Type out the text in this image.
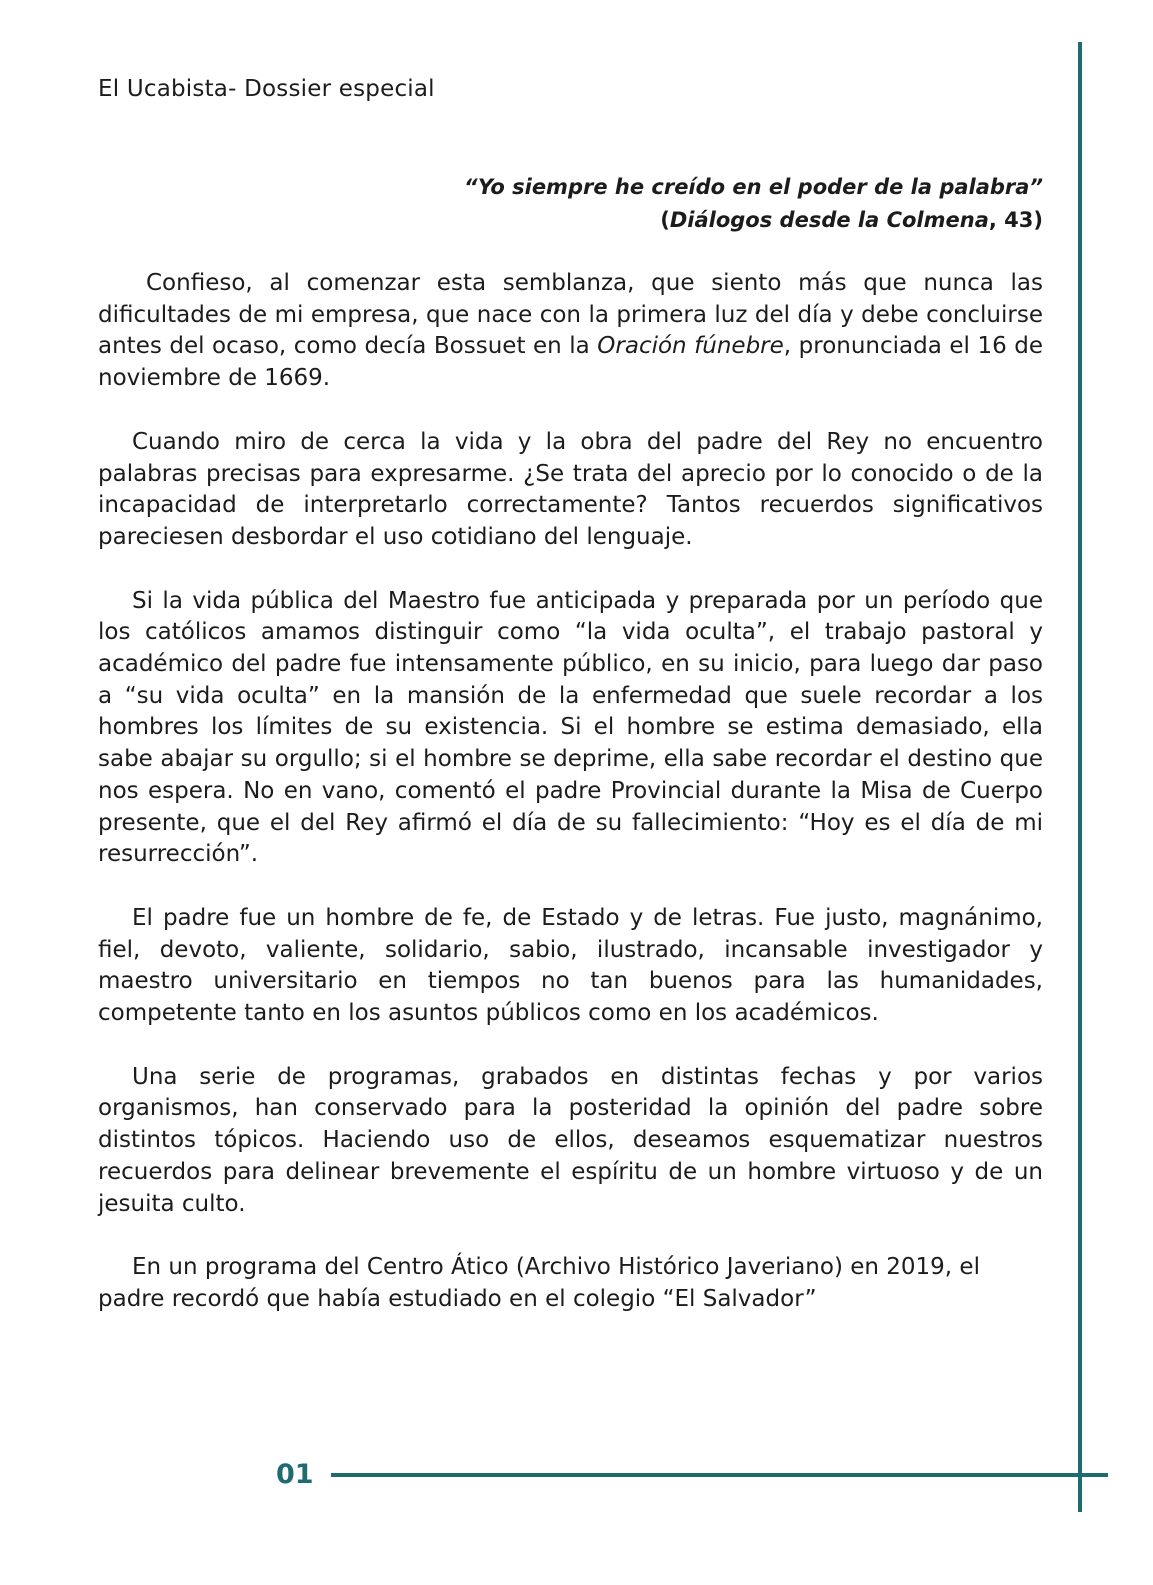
El Ucabista- Dossier especial
“Yo siempre he creído en el poder de la palabra”
(Diálogos desde la Colmena, 43)

Confieso, al comenzar esta semblanza, que siento más que nunca las dificultades de mi empresa, que nace con la primera luz del día y debe concluirse antes del ocaso, como decía Bossuet en la Oración fúnebre, pronunciada el 16 de noviembre de 1669.

Cuando miro de cerca la vida y la obra del padre del Rey no encuentro palabras precisas para expresarme. ¿Se trata del aprecio por lo conocido o de la incapacidad de interpretarlo correctamente? Tantos recuerdos significativos pareciesen desbordar el uso cotidiano del lenguaje.

Si la vida pública del Maestro fue anticipada y preparada por un período que los católicos amamos distinguir como “la vida oculta”, el trabajo pastoral y académico del padre fue intensamente público, en su inicio, para luego dar paso a “su vida oculta” en la mansión de la enfermedad que suele recordar a los hombres los límites de su existencia. Si el hombre se estima demasiado, ella sabe abajar su orgullo; si el hombre se deprime, ella sabe recordar el destino que nos espera. No en vano, comentó el padre Provincial durante la Misa de Cuerpo presente, que el del Rey afirmó el día de su fallecimiento: “Hoy es el día de mi resurrección”.

El padre fue un hombre de fe, de Estado y de letras. Fue justo, magnánimo, fiel, devoto, valiente, solidario, sabio, ilustrado, incansable investigador y maestro universitario en tiempos no tan buenos para las humanidades, competente tanto en los asuntos públicos como en los académicos.

Una serie de programas, grabados en distintas fechas y por varios organismos, han conservado para la posteridad la opinión del padre sobre distintos tópicos. Haciendo uso de ellos, deseamos esquematizar nuestros recuerdos para delinear brevemente el espíritu de un hombre virtuoso y de un jesuita culto.

En un programa del Centro Ático (Archivo Histórico Javeriano) en 2019, el padre recordó que había estudiado en el colegio “El Salvador”

01
